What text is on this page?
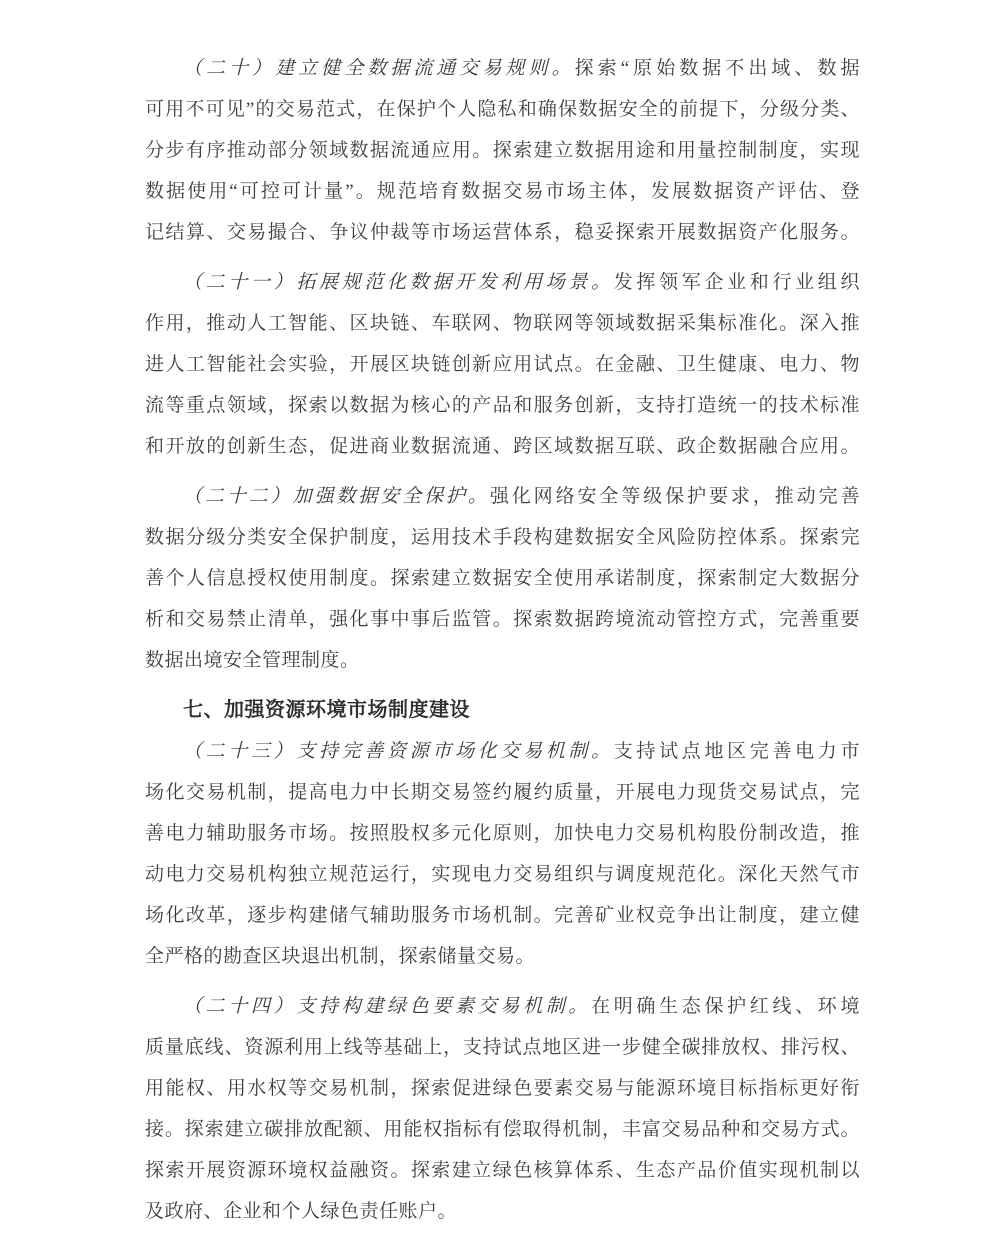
（二十）建立健全数据流通交易规则。探索“原始数据不出域、数据
可用不可见”的交易范式，在保护个人隐私和确保数据安全的前提下，分级分类、
分步有序推动部分领域数据流通应用。探索建立数据用途和用量控制制度，实现
数据使用“可控可计量”。规范培育数据交易市场主体，发展数据资产评估、登
记结算、交易撮合、争议仲裁等市场运营体系，稳妥探索开展数据资产化服务。
（二十一）拓展规范化数据开发利用场景。发挥领军企业和行业组织
作用，推动人工智能、区块链、车联网、物联网等领域数据采集标准化。深入推
进人工智能社会实验，开展区块链创新应用试点。在金融、卫生健康、电力、物
流等重点领域，探索以数据为核心的产品和服务创新，支持打造统一的技术标准
和开放的创新生态，促进商业数据流通、跨区域数据互联、政企数据融合应用。
（二十二）加强数据安全保护。强化网络安全等级保护要求，推动完善
数据分级分类安全保护制度，运用技术手段构建数据安全风险防控体系。探索完
善个人信息授权使用制度。探索建立数据安全使用承诺制度，探索制定大数据分
析和交易禁止清单，强化事中事后监管。探索数据跨境流动管控方式，完善重要
数据出境安全管理制度。
七、加强资源环境市场制度建设
（二十三）支持完善资源市场化交易机制。支持试点地区完善电力市
场化交易机制，提高电力中长期交易签约履约质量，开展电力现货交易试点，完
善电力辅助服务市场。按照股权多元化原则，加快电力交易机构股份制改造，推
动电力交易机构独立规范运行，实现电力交易组织与调度规范化。深化天然气市
场化改革，逐步构建储气辅助服务市场机制。完善矿业权竞争出让制度，建立健
全严格的勘查区块退出机制，探索储量交易。
（二十四）支持构建绿色要素交易机制。在明确生态保护红线、环境
质量底线、资源利用上线等基础上，支持试点地区进一步健全碳排放权、排污权、
用能权、用水权等交易机制，探索促进绿色要素交易与能源环境目标指标更好衔
接。探索建立碳排放配额、用能权指标有偿取得机制，丰富交易品种和交易方式。
探索开展资源环境权益融资。探索建立绿色核算体系、生态产品价值实现机制以
及政府、企业和个人绿色责任账户。
